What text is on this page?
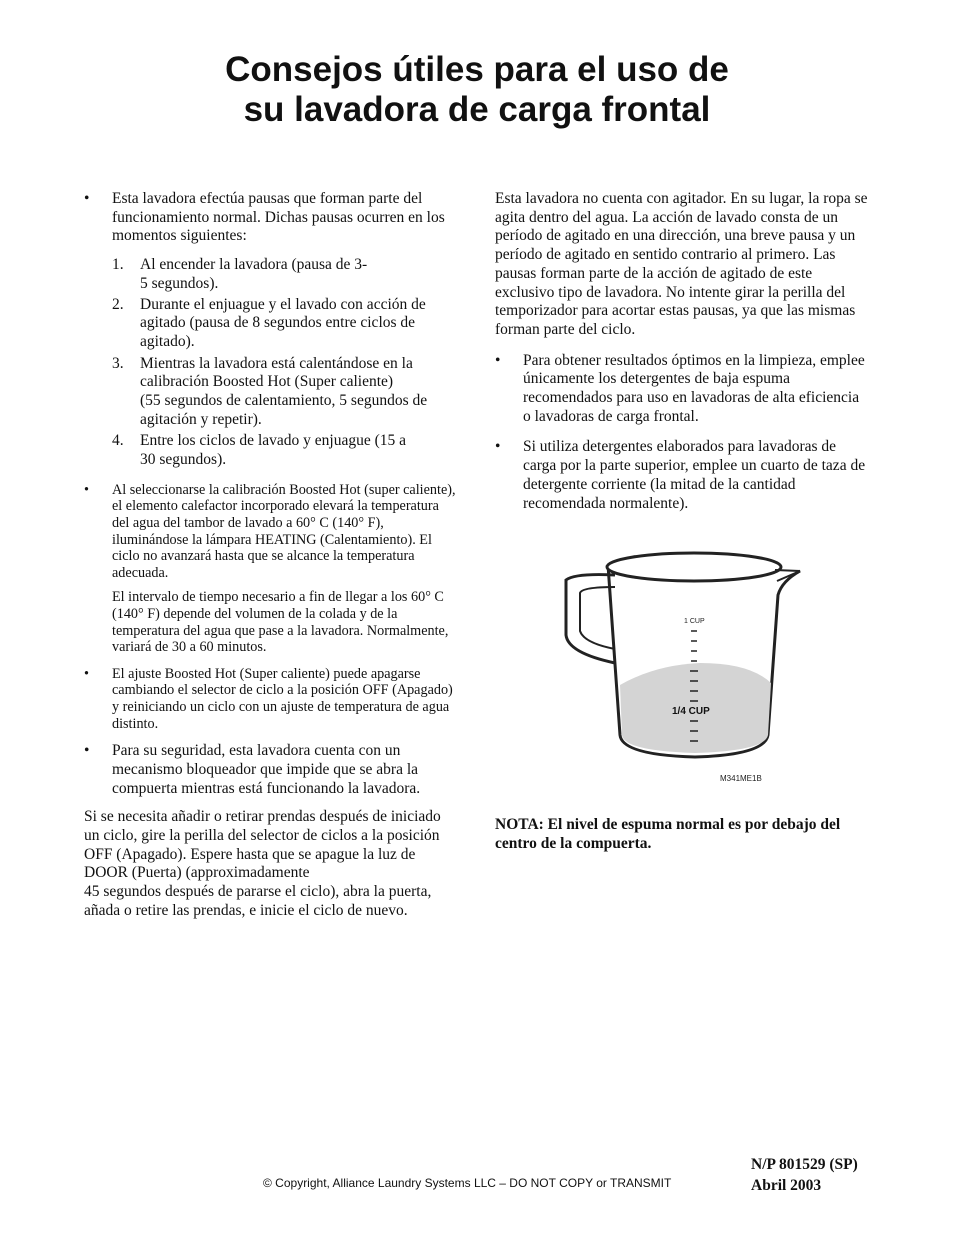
Consejos útiles para el uso de
su lavadora de carga frontal
• Esta lavadora efectúa pausas que forman parte del funcionamiento normal. Dichas pausas ocurren en los momentos siguientes:

1. Al encender la lavadora (pausa de 3-
5 segundos).

2. Durante el enjuague y el lavado con acción de agitado (pausa de 8 segundos entre ciclos de agitado).

3. Mientras la lavadora está calentándose en la calibración Boosted Hot (Super caliente)
(55 segundos de calentamiento, 5 segundos de agitación y repetir).

4. Entre los ciclos de lavado y enjuague (15 a
30 segundos).

• Al seleccionarse la calibración Boosted Hot (super caliente), el elemento calefactor incorporado elevará la temperatura del agua del tambor de lavado a 60° C (140° F), iluminándose la lámpara HEATING (Calentamiento). El ciclo no avanzará hasta que se alcance la temperatura adecuada.

El intervalo de tiempo necesario a fin de llegar a los 60° C (140° F) depende del volumen de la colada y de la temperatura del agua que pase a la lavadora. Normalmente, variará de 30 a 60 minutos.

• El ajuste Boosted Hot (Super caliente) puede apagarse cambiando el selector de ciclo a la posición OFF (Apagado) y reiniciando un ciclo con un ajuste de temperatura de agua distinto.

• Para su seguridad, esta lavadora cuenta con un mecanismo bloqueador que impide que se abra la compuerta mientras está funcionando la lavadora.

Si se necesita añadir o retirar prendas después de iniciado un ciclo, gire la perilla del selector de ciclos a la posición OFF (Apagado). Espere hasta que se apague la luz de DOOR (Puerta) (approximadamente
45 segundos después de pararse el ciclo), abra la puerta, añada o retire las prendas, e inicie el ciclo de nuevo.

Esta lavadora no cuenta con agitador. En su lugar, la ropa se agita dentro del agua. La acción de lavado consta de un período de agitado en una dirección, una breve pausa y un período de agitado en sentido contrario al primero. Las pausas forman parte de la acción de agitado de este exclusivo tipo de lavadora. No intente girar la perilla del temporizador para acortar estas pausas, ya que las mismas forman parte del ciclo.

• Para obtener resultados óptimos en la limpieza, emplee únicamente los detergentes de baja espuma recomendados para uso en lavadoras de alta eficiencia o lavadoras de carga frontal.

• Si utiliza detergentes elaborados para lavadoras de carga por la parte superior, emplee un cuarto de taza de detergente corriente (la mitad de la cantidad recomendada normalente).

1 CUP
1/4 CUP
M341ME1B

NOTA: El nivel de espuma normal es por debajo del centro de la compuerta.

© Copyright, Alliance Laundry Systems LLC – DO NOT COPY or TRANSMIT
N/P 801529 (SP)
Abril 2003
